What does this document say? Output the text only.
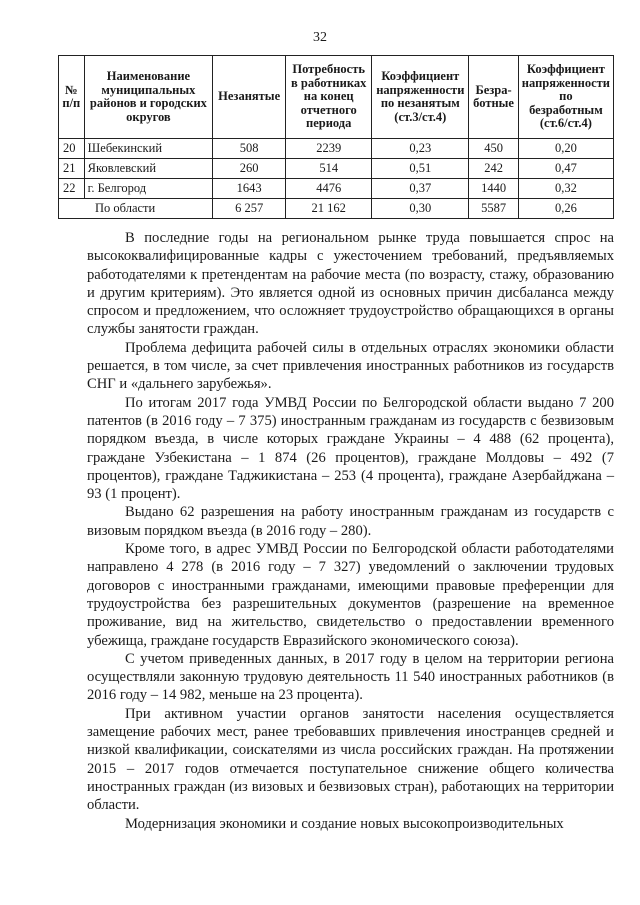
32
№ п/п	Наименование муниципальных районов и городских округов	Незанятые	Потребность в работниках на конец отчетного периода	Коэффициент напряженности по незанятым (ст.3/ст.4)	Безра-ботные	Коэффициент напряженности по безработным (ст.6/ст.4)
20	Шебекинский	508	2239	0,23	450	0,20
21	Яковлевский	260	514	0,51	242	0,47
22	г. Белгород	1643	4476	0,37	1440	0,32
По области		6 257	21 162	0,30	5587	0,26

В последние годы на региональном рынке труда повышается спрос на высококвалифицированные кадры с ужесточением требований, предъявляемых работодателями к претендентам на рабочие места (по возрасту, стажу, образованию и другим критериям). Это является одной из основных причин дисбаланса между спросом и предложением, что осложняет трудоустройство обращающихся в органы службы занятости граждан.

Проблема дефицита рабочей силы в отдельных отраслях экономики области решается, в том числе, за счет привлечения иностранных работников из государств СНГ и «дальнего зарубежья».

По итогам 2017 года УМВД России по Белгородской области выдано 7 200 патентов (в 2016 году – 7 375) иностранным гражданам из государств с безвизовым порядком въезда, в числе которых граждане Украины – 4 488 (62 процента), граждане Узбекистана – 1 874 (26 процентов), граждане Молдовы – 492 (7 процентов), граждане Таджикистана – 253 (4 процента), граждане Азербайджана – 93 (1 процент).

Выдано 62 разрешения на работу иностранным гражданам из государств с визовым порядком въезда (в 2016 году – 280).

Кроме того, в адрес УМВД России по Белгородской области работодателями направлено 4 278 (в 2016 году – 7 327) уведомлений о заключении трудовых договоров с иностранными гражданами, имеющими правовые преференции для трудоустройства без разрешительных документов (разрешение на временное проживание, вид на жительство, свидетельство о предоставлении временного убежища, граждане государств Евразийского экономического союза).

С учетом приведенных данных, в 2017 году в целом на территории региона осуществляли законную трудовую деятельность 11 540 иностранных работников (в 2016 году – 14 982, меньше на 23 процента).

При активном участии органов занятости населения осуществляется замещение рабочих мест, ранее требовавших привлечения иностранцев средней и низкой квалификации, соискателями из числа российских граждан. На протяжении 2015 – 2017 годов отмечается поступательное снижение общего количества иностранных граждан (из визовых и безвизовых стран), работающих на территории области.

Модернизация экономики и создание новых высокопроизводительных
